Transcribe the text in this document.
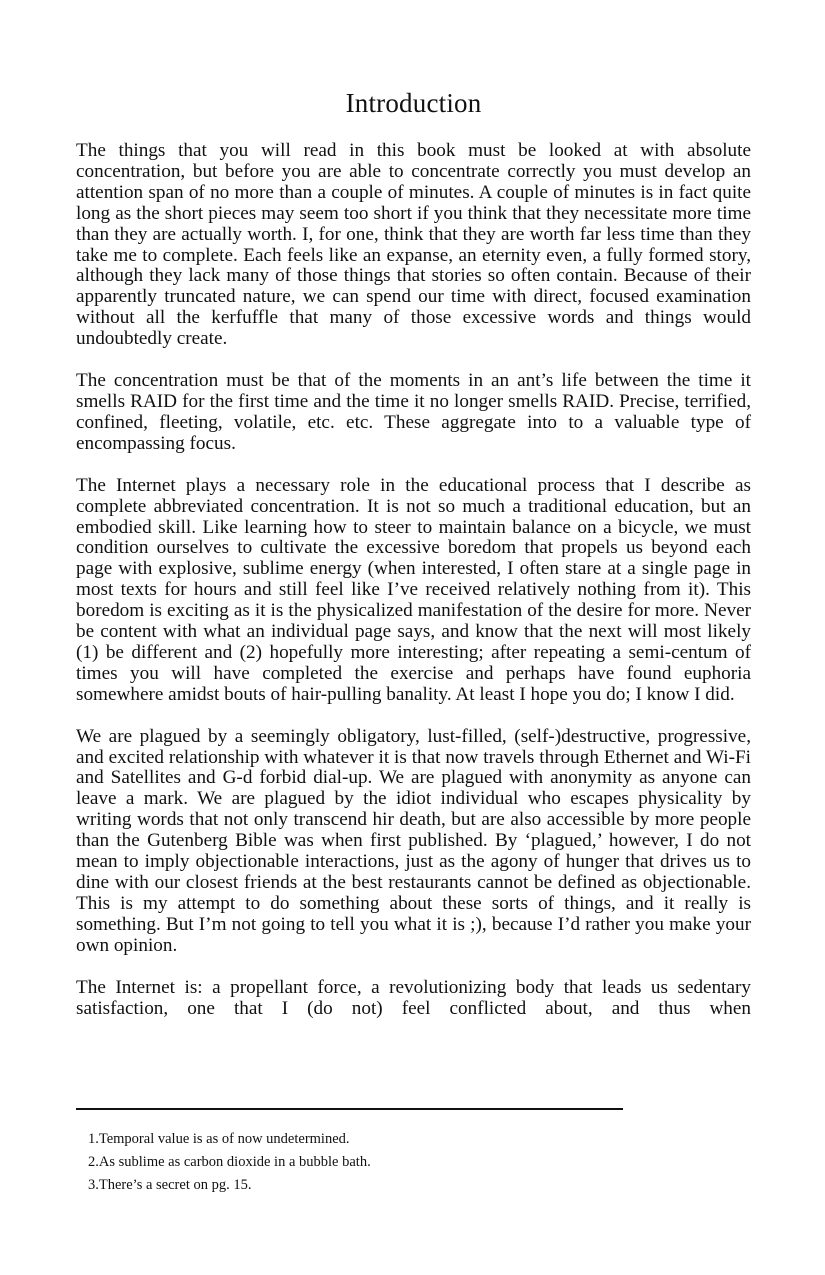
Introduction

The things that you will read in this book must be looked at with absolute concentration, but before you are able to concentrate correctly you must develop an attention span of no more than a couple of minutes. A couple of minutes is in fact quite long as the short pieces may seem too short if you think that they necessitate more time than they are actually worth. I, for one, think that they are worth far less time than they take me to complete. Each feels like an expanse, an eternity even, a fully formed story, although they lack many of those things that stories so often contain. Because of their apparently truncated nature, we can spend our time with direct, focused examination without all the kerfuffle that many of those excessive words and things would undoubtedly create.

The concentration must be that of the moments in an ant’s life between the time it smells RAID for the first time and the time it no longer smells RAID. Precise, terrified, confined, fleeting, volatile, etc. etc. These aggregate into to a valuable type of encompassing focus.

The Internet plays a necessary role in the educational process that I describe as complete abbreviated concentration. It is not so much a traditional education, but an embodied skill. Like learning how to steer to maintain balance on a bicycle, we must condition ourselves to cultivate the excessive boredom that propels us beyond each page with explosive, sublime energy (when interested, I often stare at a single page in most texts for hours and still feel like I’ve received relatively nothing from it). This boredom is exciting as it is the physicalized manifestation of the desire for more. Never be content with what an individual page says, and know that the next will most likely (1) be different and (2) hopefully more interesting; after repeating a semi-centum of times you will have completed the exercise and perhaps have found euphoria somewhere amidst bouts of hair-pulling banality. At least I hope you do; I know I did.

We are plagued by a seemingly obligatory, lust-filled, (self-)destructive, progressive, and excited relationship with whatever it is that now travels through Ethernet and Wi-Fi and Satellites and G-d forbid dial-up. We are plagued with anonymity as anyone can leave a mark. We are plagued by the idiot individual who escapes physicality by writing words that not only transcend hir death, but are also accessible by more people than the Gutenberg Bible was when first published. By ‘plagued,’ however, I do not mean to imply objectionable interactions, just as the agony of hunger that drives us to dine with our closest friends at the best restaurants cannot be defined as objectionable. This is my attempt to do something about these sorts of things, and it really is something. But I’m not going to tell you what it is ;), because I’d rather you make your own opinion.

The Internet is: a propellant force, a revolutionizing body that leads us sedentary satisfaction, one that I (do not) feel conflicted about, and thus when

1.Temporal value is as of now undetermined.
2.As sublime as carbon dioxide in a bubble bath.
3.There’s a secret on pg. 15.
